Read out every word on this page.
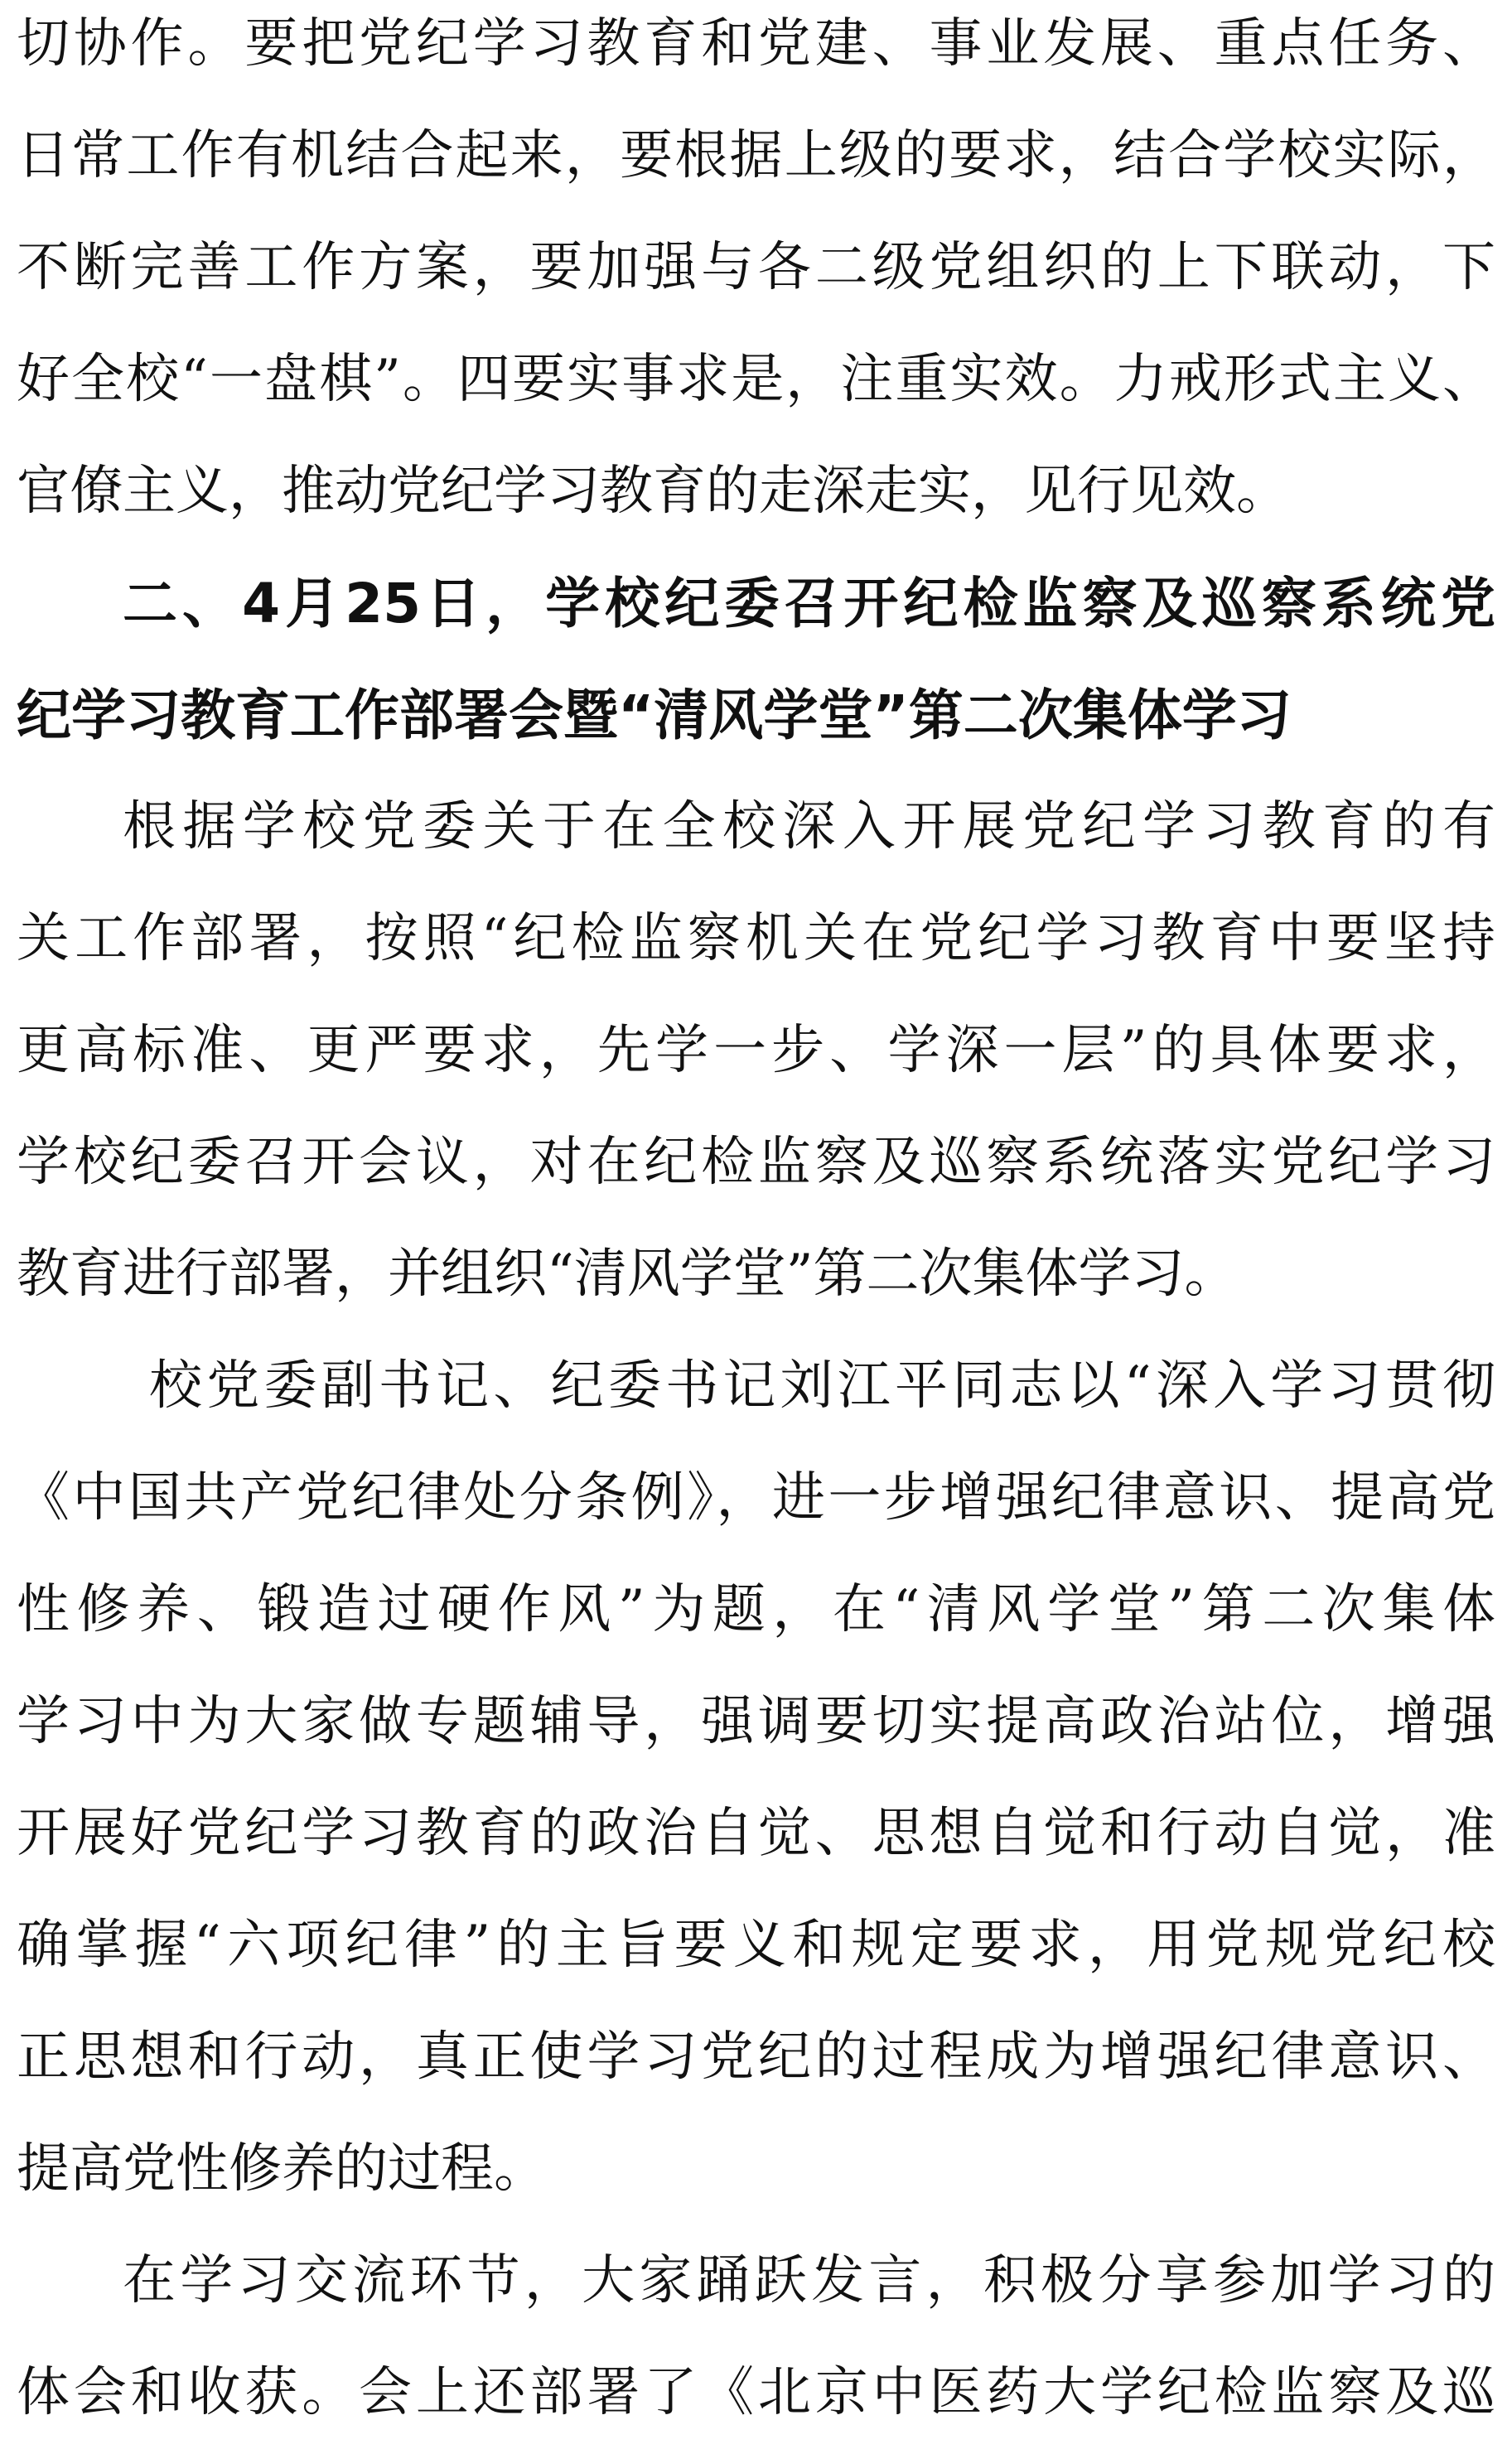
切协作。要把党纪学习教育和党建、事业发展、重点任务、
日常工作有机结合起来，要根据上级的要求，结合学校实际，
不断完善工作方案，要加强与各二级党组织的上下联动，下
好全校“一盘棋”。四要实事求是，注重实效。力戒形式主义、
官僚主义，推动党纪学习教育的走深走实，见行见效。
二、4月25日，学校纪委召开纪检监察及巡察系统党
纪学习教育工作部署会暨“清风学堂”第二次集体学习
根据学校党委关于在全校深入开展党纪学习教育的有
关工作部署，按照“纪检监察机关在党纪学习教育中要坚持
更高标准、更严要求，先学一步、学深一层”的具体要求，
学校纪委召开会议，对在纪检监察及巡察系统落实党纪学习
教育进行部署，并组织“清风学堂”第二次集体学习。
校党委副书记、纪委书记刘江平同志以“深入学习贯彻
《中国共产党纪律处分条例》，进一步增强纪律意识、提高党
性修养、锻造过硬作风”为题，在“清风学堂”第二次集体
学习中为大家做专题辅导，强调要切实提高政治站位，增强
开展好党纪学习教育的政治自觉、思想自觉和行动自觉，准
确掌握“六项纪律”的主旨要义和规定要求，用党规党纪校
正思想和行动，真正使学习党纪的过程成为增强纪律意识、
提高党性修养的过程。
在学习交流环节，大家踊跃发言，积极分享参加学习的
体会和收获。会上还部署了《北京中医药大学纪检监察及巡
